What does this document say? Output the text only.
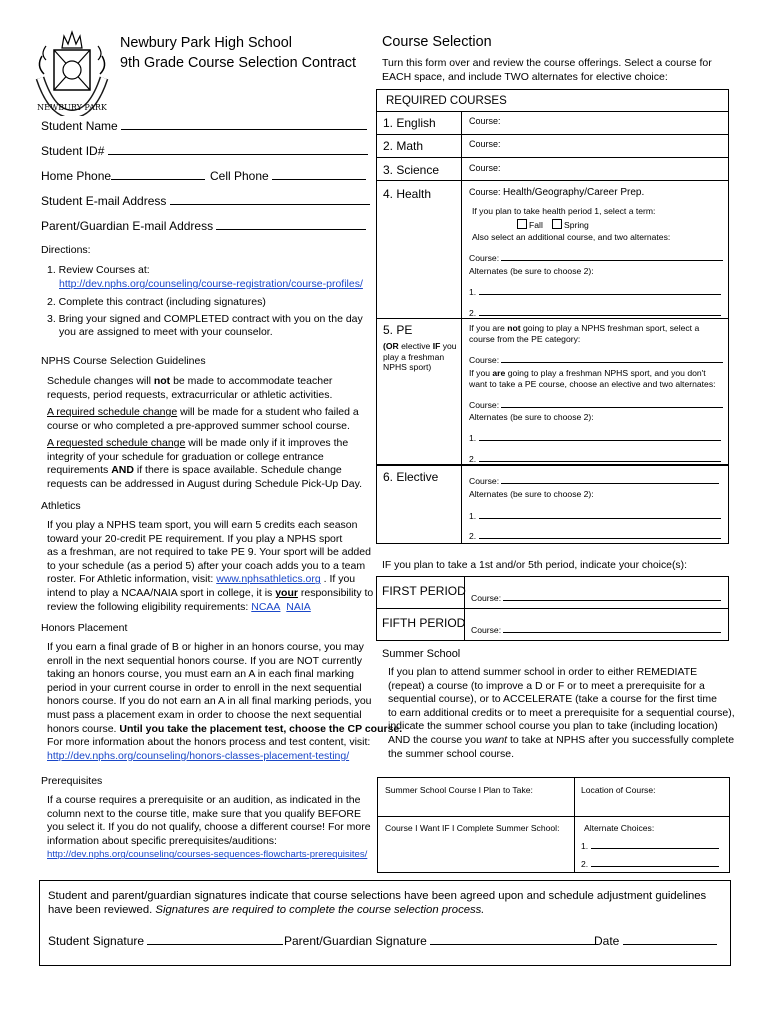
NEWBURY PARK
Newbury Park High School
9th Grade Course Selection Contract
Student Name
Student ID#
Home Phone	Cell Phone
Student E-mail Address
Parent/Guardian E-mail Address
Directions:
1. Review Courses at:
http://dev.nphs.org/counseling/course-registration/course-profiles/
2. Complete this contract (including signatures)
3. Bring your signed and COMPLETED contract with you on the day
you are assigned to meet with your counselor.
NPHS Course Selection Guidelines
Schedule changes will not be made to accommodate teacher
requests, period requests, extracurricular or athletic activities.
A required schedule change will be made for a student who failed a
course or who completed a pre-approved summer school course.
A requested schedule change will be made only if it improves the
integrity of your schedule for graduation or college entrance
requirements AND if there is space available. Schedule change
requests can be addressed in August during Schedule Pick-Up Day.
Athletics
If you play a NPHS team sport, you will earn 5 credits each season
toward your 20-credit PE requirement. If you play a NPHS sport
as a freshman, are not required to take PE 9. Your sport will be added
to your schedule (as a period 5) after your coach adds you to a team
roster. For Athletic information, visit: www.nphsathletics.org . If you
intend to play a NCAA/NAIA sport in college, it is your responsibility to
review the following eligibility requirements: NCAA NAIA
Honors Placement
If you earn a final grade of B or higher in an honors course, you may
enroll in the next sequential honors course. If you are NOT currently
taking an honors course, you must earn an A in each final marking
period in your current course in order to enroll in the next sequential
honors course. If you do not earn an A in all final marking periods, you
must pass a placement exam in order to choose the next sequential
honors course. Until you take the placement test, choose the CP course.
For more information about the honors process and test content, visit:
http://dev.nphs.org/counseling/honors-classes-placement-testing/
Prerequisites
If a course requires a prerequisite or an audition, as indicated in the
column next to the course title, make sure that you qualify BEFORE
you select it. If you do not qualify, choose a different course! For more
information about specific prerequisites/auditions:
http://dev.nphs.org/counseling/courses-sequences-flowcharts-prerequisites/
Course Selection
Turn this form over and review the course offerings. Select a course for
EACH space, and include TWO alternates for elective choice:
REQUIRED COURSES
1. English	Course:
2. Math	Course:
3. Science	Course:
4. Health	Course: Health/Geography/Career Prep.
If you plan to take health period 1, select a term:
Fall	Spring
Also select an additional course, and two alternates:
Course:
Alternates (be sure to choose 2):
1.
2.
5. PE
(OR elective IF you
play a freshman
NPHS sport)
If you are not going to play a NPHS freshman sport, select a
course from the PE category:
Course:
If you are going to play a freshman NPHS sport, and you don't
want to take a PE course, choose an elective and two alternates:
Course:
Alternates (be sure to choose 2):
1.
2.
6. Elective	Course:
Alternates (be sure to choose 2):
1.
2.
IF you plan to take a 1st and/or 5th period, indicate your choice(s):
FIRST PERIOD Course:
FIFTH PERIOD Course:
Summer School
If you plan to attend summer school in order to either REMEDIATE
(repeat) a course (to improve a D or F or to meet a prerequisite for a
sequential course), or to ACCELERATE (take a course for the first time
to earn additional credits or to meet a prerequisite for a sequential course),
indicate the summer school course you plan to take (including location)
AND the course you want to take at NPHS after you successfully complete
the summer school course.
Summer School Course I Plan to Take:	Location of Course:
Course I Want IF I Complete Summer School:	Alternate Choices:
1.
2.
Student and parent/guardian signatures indicate that course selections have been agreed upon and schedule adjustment guidelines
have been reviewed. Signatures are required to complete the course selection process.
Student Signature	Parent/Guardian Signature	Date
